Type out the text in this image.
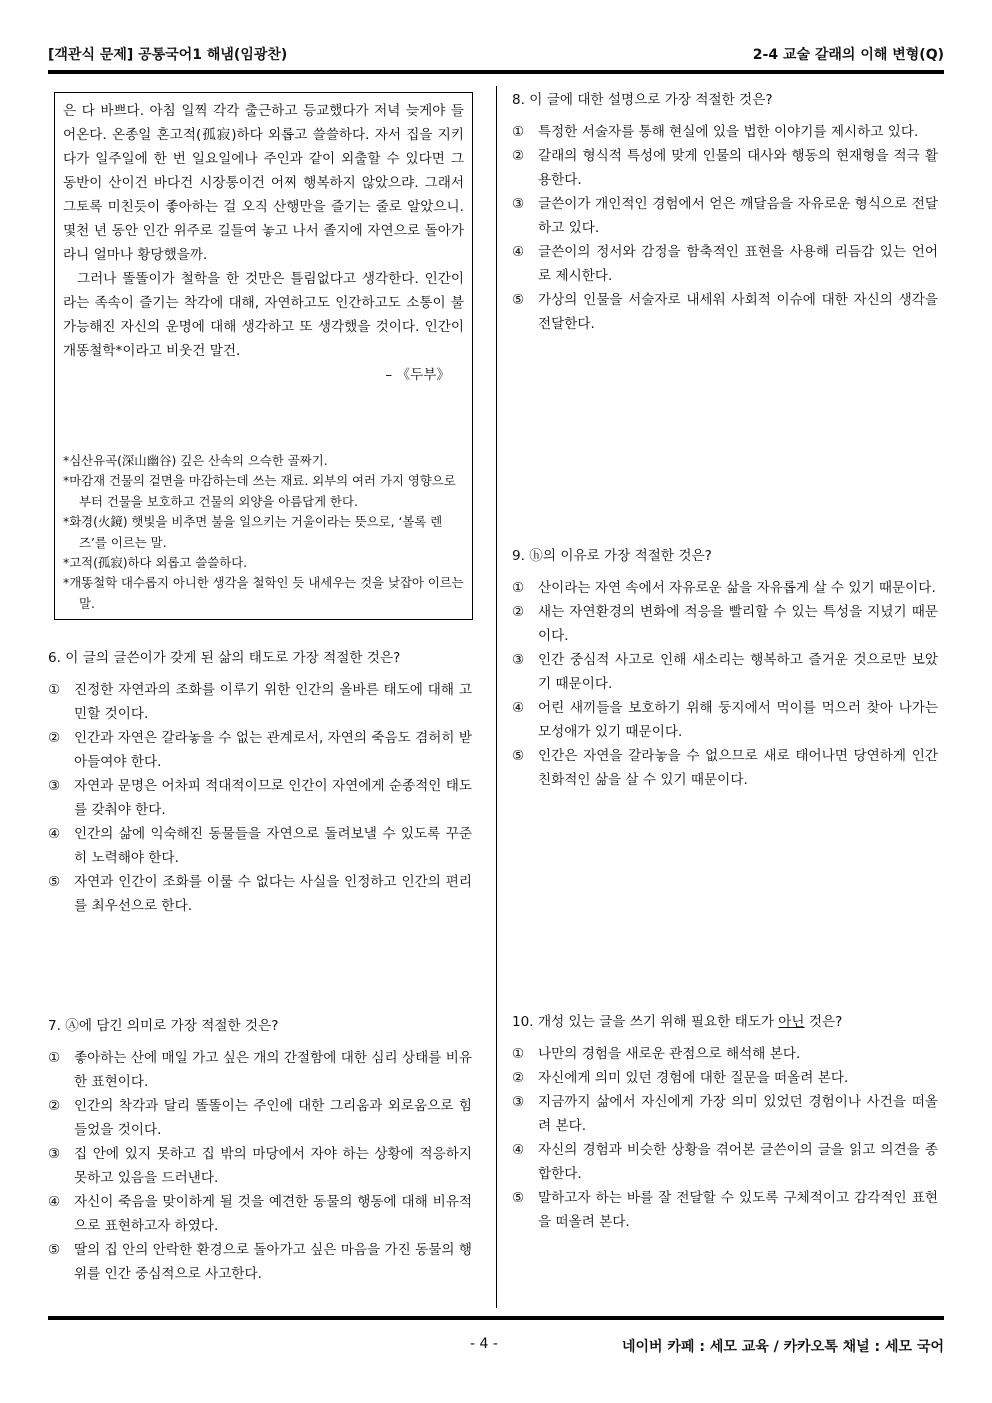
[객관식 문제] 공통국어1 해냄(임광찬)	2-4 교술 갈래의 이해 변형(Q)

은 다 바쁘다. 아침 일찍 각각 출근하고 등교했다가 저녁 늦게야 들어온다. 온종일 혼고적(孤寂)하다 외롭고 쓸쓸하다. 자서 집을 지키다가 일주일에 한 번 일요일에나 주인과 같이 외출할 수 있다면 그 동반이 산이건 바다건 시장통이건 어찌 행복하지 않았으랴. 그래서 그토록 미친듯이 좋아하는 걸 오직 산행만을 즐기는 줄로 알았으니. 몇천 년 동안 인간 위주로 길들여 놓고 나서 졸지에 자연으로 돌아가라니 얼마나 황당했을까.

그러나 똘똘이가 철학을 한 것만은 틀림없다고 생각한다. 인간이라는 족속이 즐기는 착각에 대해, 자연하고도 인간하고도 소통이 불가능해진 자신의 운명에 대해 생각하고 또 생각했을 것이다. 인간이 개똥철학*이라고 비웃건 말건.

– 《두부》
*심산유곡(深山幽谷) 깊은 산속의 으슥한 골짜기.
*마감재 건물의 겉면을 마감하는데 쓰는 재료. 외부의 여러 가지 영향으로부터 건물을 보호하고 건물의 외양을 아름답게 한다.
*화경(火鏡) 햇빛을 비추면 불을 일으키는 거울이라는 뜻으로, ‘볼록 렌즈’를 이르는 말.
*고적(孤寂)하다 외롭고 쓸쓸하다.
*개똥철학 대수롭지 아니한 생각을 철학인 듯 내세우는 것을 낮잡아 이르는 말.
6. 이 글의 글쓴이가 갖게 된 삶의 태도로 가장 적절한 것은?
①	진정한 자연과의 조화를 이루기 위한 인간의 올바른 태도에 대해 고민할 것이다.
②	인간과 자연은 갈라놓을 수 없는 관계로서, 자연의 죽음도 겸허히 받아들여야 한다.
③	자연과 문명은 어차피 적대적이므로 인간이 자연에게 순종적인 태도를 갖춰야 한다.
④	인간의 삶에 익숙해진 동물들을 자연으로 돌려보낼 수 있도록 꾸준히 노력해야 한다.
⑤	자연과 인간이 조화를 이룰 수 없다는 사실을 인정하고 인간의 편리를 최우선으로 한다.
7. Ⓐ에 담긴 의미로 가장 적절한 것은?
①	좋아하는 산에 매일 가고 싶은 개의 간절함에 대한 심리 상태를 비유한 표현이다.
②	인간의 착각과 달리 똘똘이는 주인에 대한 그리움과 외로움으로 힘들었을 것이다.
③	집 안에 있지 못하고 집 밖의 마당에서 자야 하는 상황에 적응하지 못하고 있음을 드러낸다.
④	자신이 죽음을 맞이하게 될 것을 예견한 동물의 행동에 대해 비유적으로 표현하고자 하였다.
⑤	딸의 집 안의 안락한 환경으로 돌아가고 싶은 마음을 가진 동물의 행위를 인간 중심적으로 사고한다.
8. 이 글에 대한 설명으로 가장 적절한 것은?
①	특정한 서술자를 통해 현실에 있을 법한 이야기를 제시하고 있다.
②	갈래의 형식적 특성에 맞게 인물의 대사와 행동의 현재형을 적극 활용한다.
③	글쓴이가 개인적인 경험에서 얻은 깨달음을 자유로운 형식으로 전달하고 있다.
④	글쓴이의 정서와 감정을 함축적인 표현을 사용해 리듬감 있는 언어로 제시한다.
⑤	가상의 인물을 서술자로 내세워 사회적 이슈에 대한 자신의 생각을 전달한다.
9. ⓗ의 이유로 가장 적절한 것은?
①	산이라는 자연 속에서 자유로운 삶을 자유롭게 살 수 있기 때문이다.
②	새는 자연환경의 변화에 적응을 빨리할 수 있는 특성을 지녔기 때문이다.
③	인간 중심적 사고로 인해 새소리는 행복하고 즐거운 것으로만 보았기 때문이다.
④	어린 새끼들을 보호하기 위해 둥지에서 먹이를 먹으러 찾아 나가는 모성애가 있기 때문이다.
⑤	인간은 자연을 갈라놓을 수 없으므로 새로 태어나면 당연하게 인간 친화적인 삶을 살 수 있기 때문이다.
10. 개성 있는 글을 쓰기 위해 필요한 태도가 아닌 것은?
①	나만의 경험을 새로운 관점으로 해석해 본다.
②	자신에게 의미 있던 경험에 대한 질문을 떠올려 본다.
③	지금까지 삶에서 자신에게 가장 의미 있었던 경험이나 사건을 떠올려 본다.
④	자신의 경험과 비슷한 상황을 겪어본 글쓴이의 글을 읽고 의견을 종합한다.
⑤	말하고자 하는 바를 잘 전달할 수 있도록 구체적이고 감각적인 표현을 떠올려 본다.
- 4 -	네이버 카페 : 세모 교육 / 카카오톡 채널 : 세모 국어
